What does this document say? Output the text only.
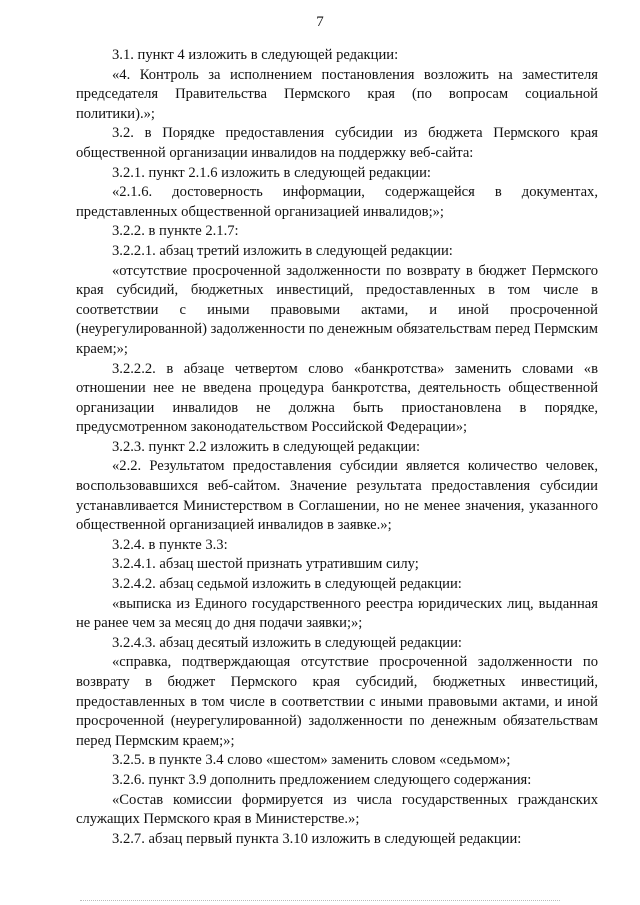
7

3.1. пункт 4 изложить в следующей редакции:

«4. Контроль за исполнением постановления возложить на заместителя председателя Правительства Пермского края (по вопросам социальной политики).»;

3.2. в Порядке предоставления субсидии из бюджета Пермского края общественной организации инвалидов на поддержку веб-сайта:

3.2.1. пункт 2.1.6 изложить в следующей редакции:

«2.1.6. достоверность информации, содержащейся в документах, представленных общественной организацией инвалидов;»;

3.2.2. в пункте 2.1.7:

3.2.2.1. абзац третий изложить в следующей редакции:

«отсутствие просроченной задолженности по возврату в бюджет Пермского края субсидий, бюджетных инвестиций, предоставленных в том числе в соответствии с иными правовыми актами, и иной просроченной (неурегулированной) задолженности по денежным обязательствам перед Пермским краем;»;

3.2.2.2. в абзаце четвертом слово «банкротства» заменить словами «в отношении нее не введена процедура банкротства, деятельность общественной организации инвалидов не должна быть приостановлена в порядке, предусмотренном законодательством Российской Федерации»;

3.2.3. пункт 2.2 изложить в следующей редакции:

«2.2. Результатом предоставления субсидии является количество человек, воспользовавшихся веб-сайтом. Значение результата предоставления субсидии устанавливается Министерством в Соглашении, но не менее значения, указанного общественной организацией инвалидов в заявке.»;

3.2.4. в пункте 3.3:

3.2.4.1. абзац шестой признать утратившим силу;

3.2.4.2. абзац седьмой изложить в следующей редакции:

«выписка из Единого государственного реестра юридических лиц, выданная не ранее чем за месяц до дня подачи заявки;»;

3.2.4.3. абзац десятый изложить в следующей редакции:

«справка, подтверждающая отсутствие просроченной задолженности по возврату в бюджет Пермского края субсидий, бюджетных инвестиций, предоставленных в том числе в соответствии с иными правовыми актами, и иной просроченной (неурегулированной) задолженности по денежным обязательствам перед Пермским краем;»;

3.2.5. в пункте 3.4 слово «шестом» заменить словом «седьмом»;

3.2.6. пункт 3.9 дополнить предложением следующего содержания:

«Состав комиссии формируется из числа государственных гражданских служащих Пермского края в Министерстве.»;

3.2.7. абзац первый пункта 3.10 изложить в следующей редакции:
